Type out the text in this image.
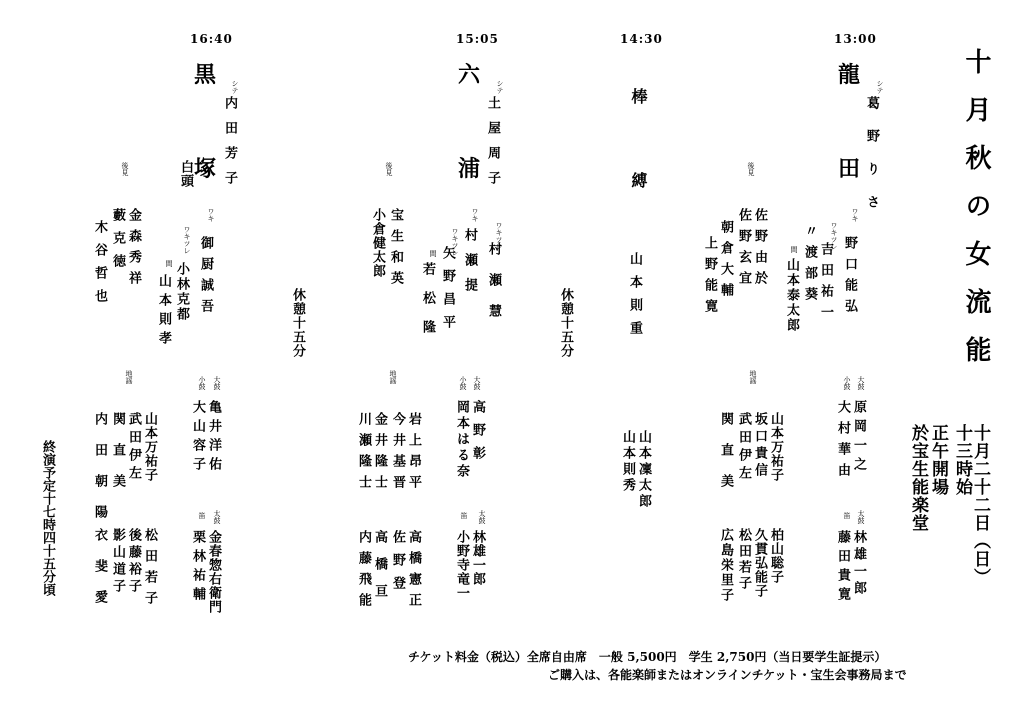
十月秋の女流能
十月二十二日（日）
十三時始
正午開場
於宝生能楽堂
13:00
龍
田
シテ
葛野りさ
ワキ
野口能弘
ワキツレ
吉田祐一
〃渡部葵
間
山本泰太郎
後見
佐野由於
佐野玄宜
朝倉大輔
上野能寛
大鼓
原岡一之
小鼓
大村華由
太鼓
林雄一郎
笛
藤田貴寛
地謡
山本万祐子
坂口貴信
武田伊左
関直美
柏山聡子
久貫弘能子
松田若子
広島栄里子
14:30
棒
縛
山本則重
山本凜太郎
山本則秀
15:05
六
浦
シテ
土屋周子
ワキ
村瀬提	ワキツレ
村瀬慧
ワキツレ
矢野昌平
間
若松隆
後見
宝生和英
小倉健太郎
大鼓
高野彰
小鼓
岡本はる奈
太鼓
林雄一郎
笛
小野寺竜一
地謡
岩上昂平
今井基晋
金井隆士
川瀬隆士
高橋憲正
佐野登
高橋亘
内藤飛能
休憩十五分
休憩十五分
16:40
黒
塚
シテ
内田芳子
白頭
ワキ
御厨誠吾
ワキツレ
小林克都
間
山本則孝
後見
金森秀祥
藪克徳
木谷哲也
大鼓
亀井洋佑
小鼓
大山容子
太鼓
金春惣右衛門
笛
栗林祐輔
地謡
山本万祐子
武田伊左
関直美
内田朝陽
松田若子
後藤裕子
影山道子
衣斐愛
終演予定十七時四十五分頃
チケット料金（税込）全席自由席　一般 5,500円　学生 2,750円（当日要学生証提示）
ご購入は、各能楽師またはオンラインチケット・宝生会事務局まで
